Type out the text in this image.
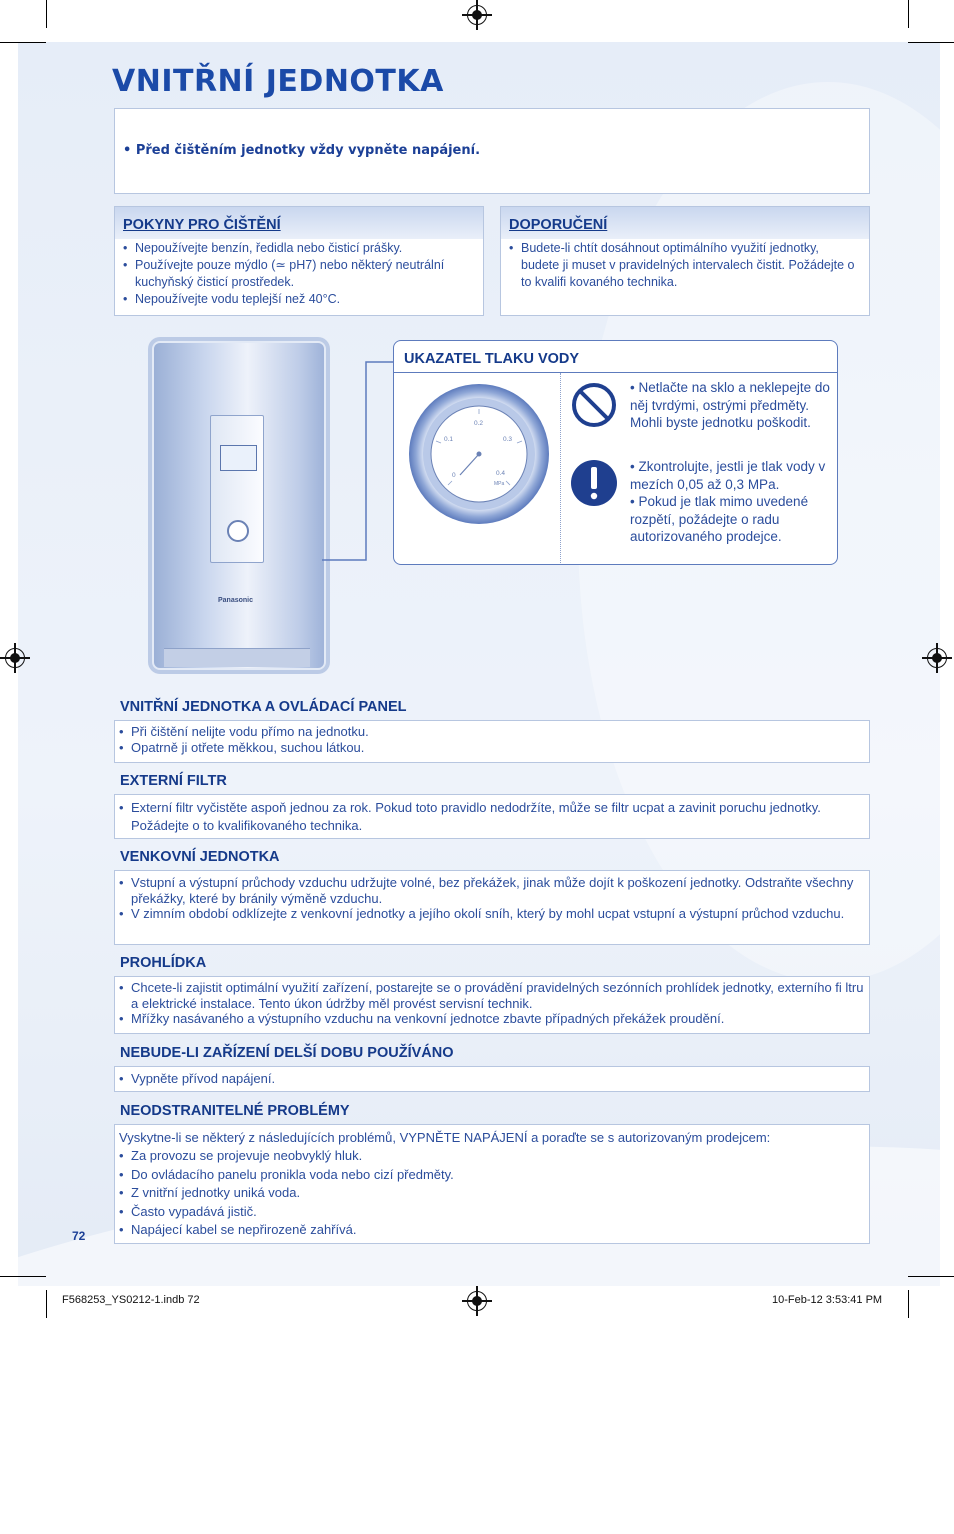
VNITŘNÍ JEDNOTKA
• Před čištěním jednotky vždy vypněte napájení.
POKYNY PRO ČIŠTĚNÍ
• Nepoužívejte benzín, ředidla nebo čisticí prášky.
• Používejte pouze mýdlo (≃ pH7) nebo některý neutrální kuchyňský čisticí prostředek.
• Nepoužívejte vodu teplejší než 40°C.
DOPORUČENÍ
• Budete-li chtít dosáhnout optimálního využití jednotky, budete ji muset v pravidelných intervalech čistit. Požádejte o to kvalifi kovaného technika.
Panasonic
UKAZATEL TLAKU VODY
0
0.1
0.2
0.3
0.4
MPa
• Netlačte na sklo a neklepejte do něj tvrdými, ostrými předměty. Mohli byste jednotku poškodit.
• Zkontrolujte, jestli je tlak vody v mezích 0,05 až 0,3 MPa.
• Pokud je tlak mimo uvedené rozpětí, požádejte o radu autorizovaného prodejce.
VNITŘNÍ JEDNOTKA A OVLÁDACÍ PANEL
• Při čištění nelijte vodu přímo na jednotku.
• Opatrně ji otřete měkkou, suchou látkou.
EXTERNÍ FILTR
• Externí filtr vyčistěte aspoň jednou za rok. Pokud toto pravidlo nedodržíte, může se filtr ucpat a zavinit poruchu jednotky. Požádejte o to kvalifikovaného technika.
VENKOVNÍ JEDNOTKA
• Vstupní a výstupní průchody vzduchu udržujte volné, bez překážek, jinak může dojít k poškození jednotky. Odstraňte všechny překážky, které by bránily výměně vzduchu.
• V zimním období odklízejte z venkovní jednotky a jejího okolí sníh, který by mohl ucpat vstupní a výstupní průchod vzduchu.
PROHLÍDKA
• Chcete-li zajistit optimální využití zařízení, postarejte se o provádění pravidelných sezónních prohlídek jednotky, externího fi ltru a elektrické instalace. Tento úkon údržby měl provést servisní technik.
• Mřížky nasávaného a výstupního vzduchu na venkovní jednotce zbavte případných překážek proudění.
NEBUDE-LI ZAŘÍZENÍ DELŠÍ DOBU POUŽÍVÁNO
• Vypněte přívod napájení.
NEODSTRANITELNÉ PROBLÉMY
Vyskytne-li se některý z následujících problémů, VYPNĚTE NAPÁJENÍ a poraďte se s autorizovaným prodejcem:
• Za provozu se projevuje neobvyklý hluk.
• Do ovládacího panelu pronikla voda nebo cizí předměty.
• Z vnitřní jednotky uniká voda.
• Často vypadává jistič.
• Napájecí kabel se nepřirozeně zahřívá.
72
F568253_YS0212-1.indb 72	10-Feb-12 3:53:41 PM
